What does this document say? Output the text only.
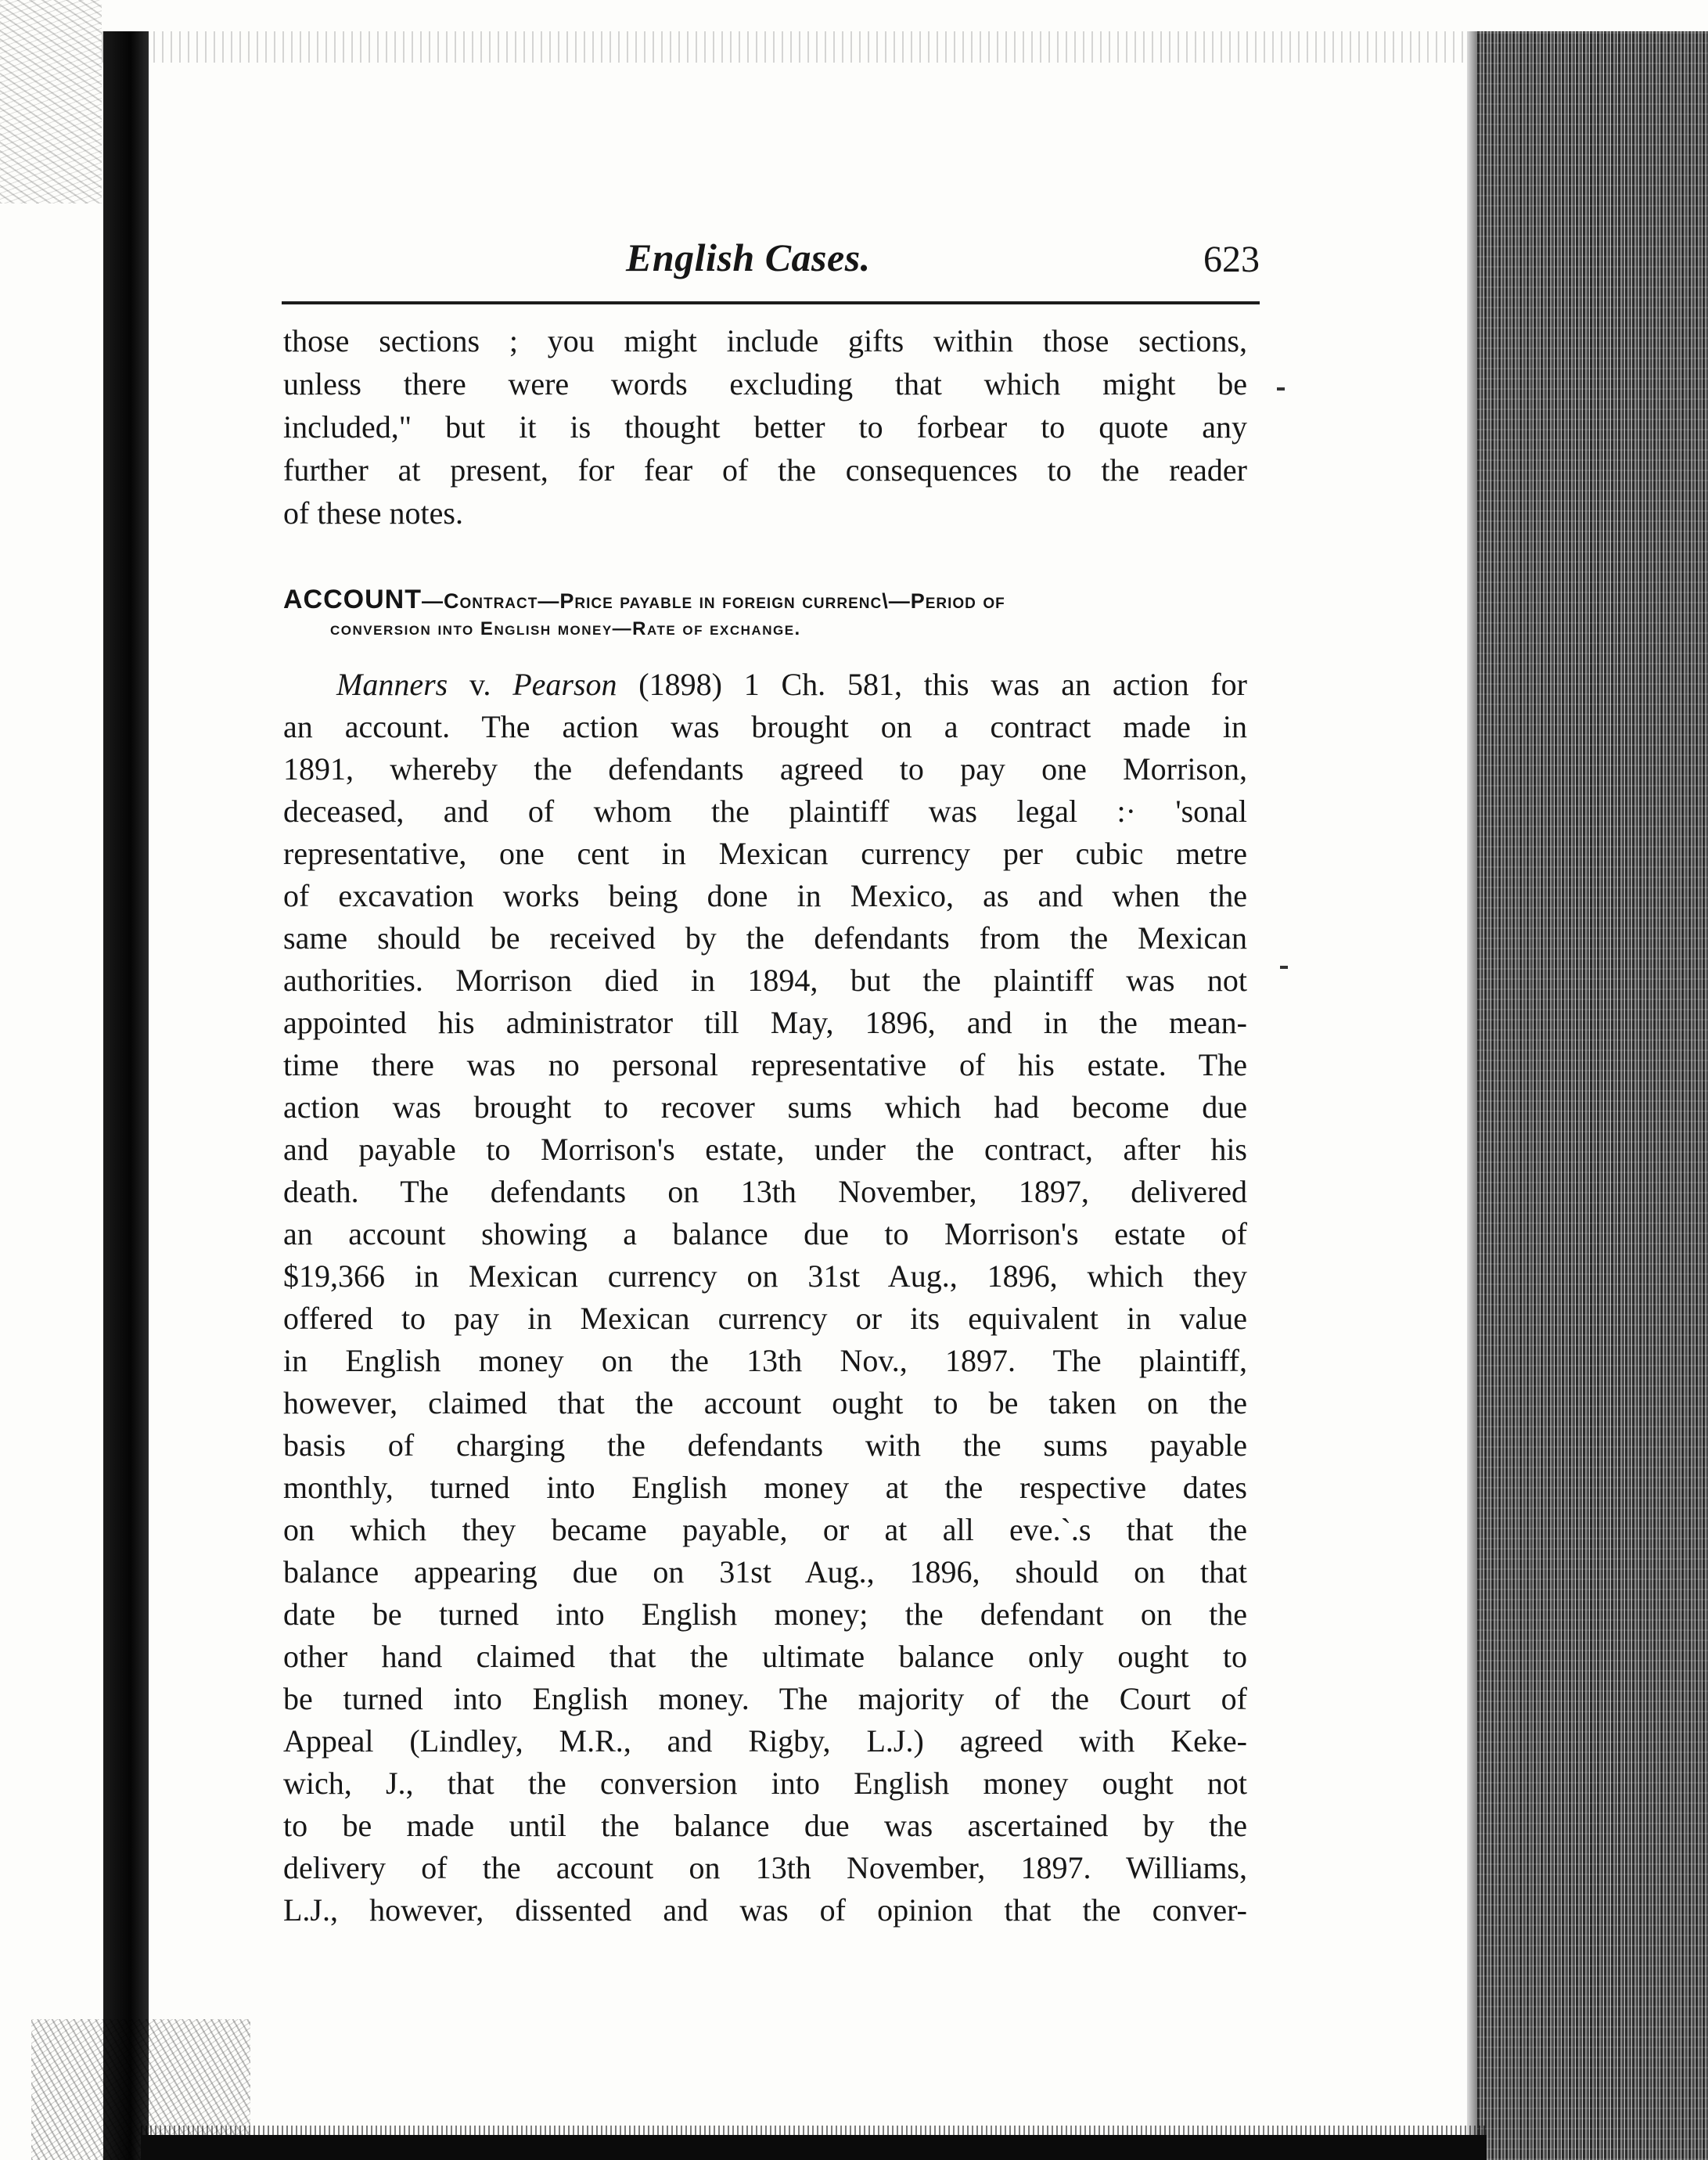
English Cases.	623
those sections ; you might include gifts within those sections,
unless there were words excluding that which might be
included," but it is thought better to forbear to quote any
further at present, for fear of the consequences to the reader
of these notes.
ACCOUNT—Contract—Price payable in foreign currenc\—Period of
conversion into English money—Rate of exchange.
Manners v. Pearson (1898) 1 Ch. 581, this was an action for
an account. The action was brought on a contract made in
1891, whereby the defendants agreed to pay one Morrison,
deceased, and of whom the plaintiff was legal :· 'sonal
representative, one cent in Mexican currency per cubic metre
of excavation works being done in Mexico, as and when the
same should be received by the defendants from the Mexican
authorities. Morrison died in 1894, but the plaintiff was not
appointed his administrator till May, 1896, and in the mean-
time there was no personal representative of his estate. The
action was brought to recover sums which had become due
and payable to Morrison's estate, under the contract, after his
death. The defendants on 13th November, 1897, delivered
an account showing a balance due to Morrison's estate of
$19,366 in Mexican currency on 31st Aug., 1896, which they
offered to pay in Mexican currency or its equivalent in value
in English money on the 13th Nov., 1897. The plaintiff,
however, claimed that the account ought to be taken on the
basis of charging the defendants with the sums payable
monthly, turned into English money at the respective dates
on which they became payable, or at all eve.`.s that the
balance appearing due on 31st Aug., 1896, should on that
date be turned into English money; the defendant on the
other hand claimed that the ultimate balance only ought to
be turned into English money. The majority of the Court of
Appeal (Lindley, M.R., and Rigby, L.J.) agreed with Keke-
wich, J., that the conversion into English money ought not
to be made until the balance due was ascertained by the
delivery of the account on 13th November, 1897. Williams,
L.J., however, dissented and was of opinion that the conver-
